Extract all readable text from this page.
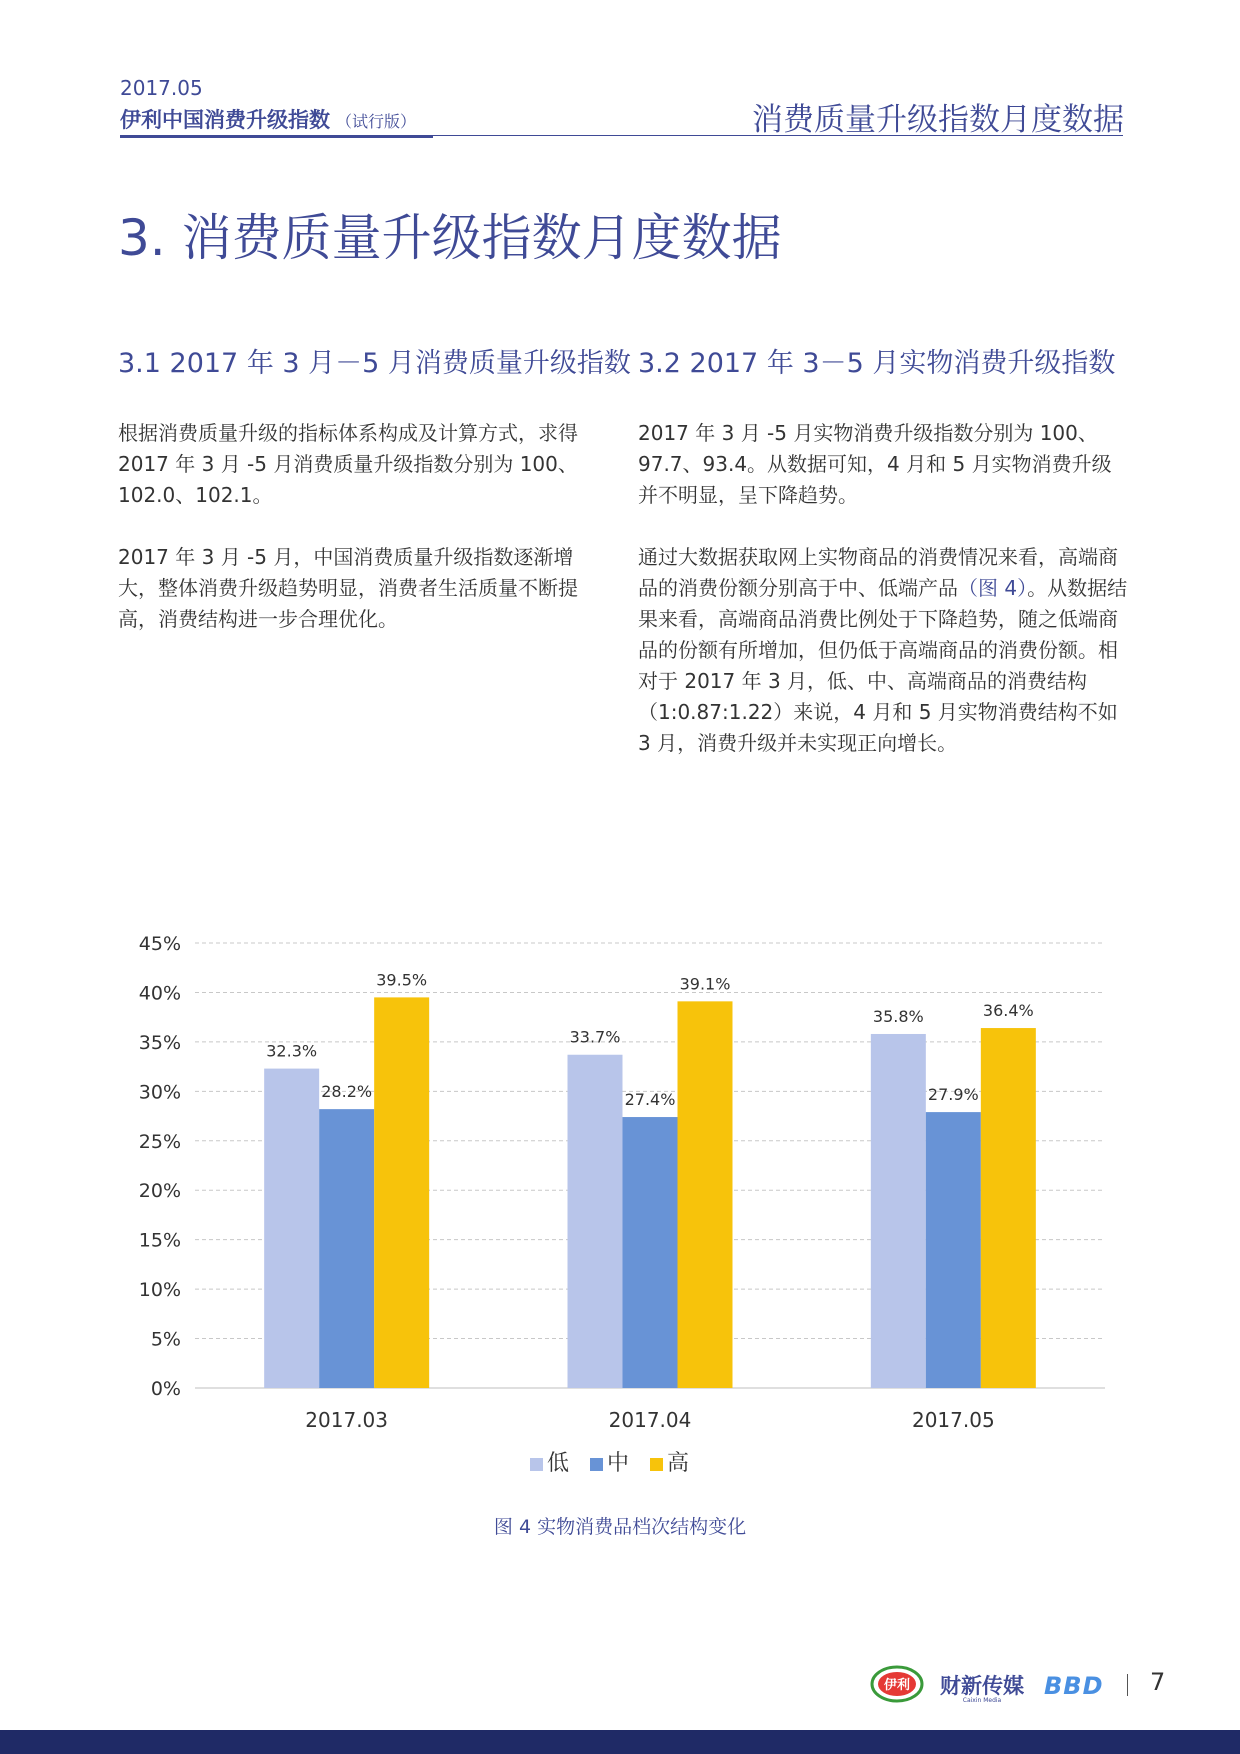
2017.05
伊利中国消费升级指数 （试行版）	消费质量升级指数月度数据
3. 消费质量升级指数月度数据
3.1 2017 年 3 月－5 月消费质量升级指数
根据消费质量升级的指标体系构成及计算方式，求得 2017 年 3 月 -5 月消费质量升级指数分别为 100、102.0、102.1。
2017 年 3 月 -5 月，中国消费质量升级指数逐渐增大，整体消费升级趋势明显，消费者生活质量不断提高，消费结构进一步合理优化。
3.2 2017 年 3－5 月实物消费升级指数
2017 年 3 月 -5 月实物消费升级指数分别为 100、97.7、93.4。从数据可知，4 月和 5 月实物消费升级并不明显，呈下降趋势。
通过大数据获取网上实物商品的消费情况来看，高端商品的消费份额分别高于中、低端产品（图 4）。从数据结果来看，高端商品消费比例处于下降趋势，随之低端商品的份额有所增加，但仍低于高端商品的消费份额。相对于 2017 年 3 月，低、中、高端商品的消费结构（1:0.87:1.22）来说，4 月和 5 月实物消费结构不如 3 月，消费升级并未实现正向增长。
0%
5%
10%
15%
20%
25%
30%
35%
40%
45%
32.3%
28.2%
39.5%
2017.03
33.7%
27.4%
39.1%
2017.04
35.8%
27.9%
36.4%
2017.05
低 中 高
图 4 实物消费品档次结构变化
伊利 财新传媒
Caixin Media
BBD 7
